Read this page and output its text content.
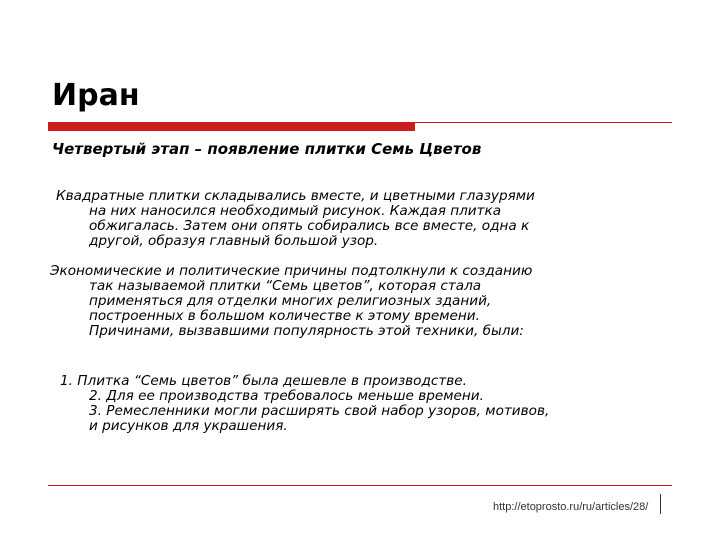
Иран
Четвертый этап – появление плитки Семь Цветов
Квадратные плитки складывались вместе, и цветными глазурями
на них наносился необходимый рисунок. Каждая плитка
обжигалась. Затем они опять собирались все вместе, одна к
другой, образуя главный большой узор.
Экономические и политические причины подтолкнули к созданию
так называемой плитки “Семь цветов”, которая стала
применяться для отделки многих религиозных зданий,
построенных в большом количестве к этому времени.
Причинами, вызвавшими популярность этой техники, были:
1. Плитка “Семь цветов” была дешевле в производстве.
2. Для ее производства требовалось меньше времени.
3. Ремесленники могли расширять свой набор узоров, мотивов,
и рисунков для украшения.
http://etoprosto.ru/ru/articles/28/
